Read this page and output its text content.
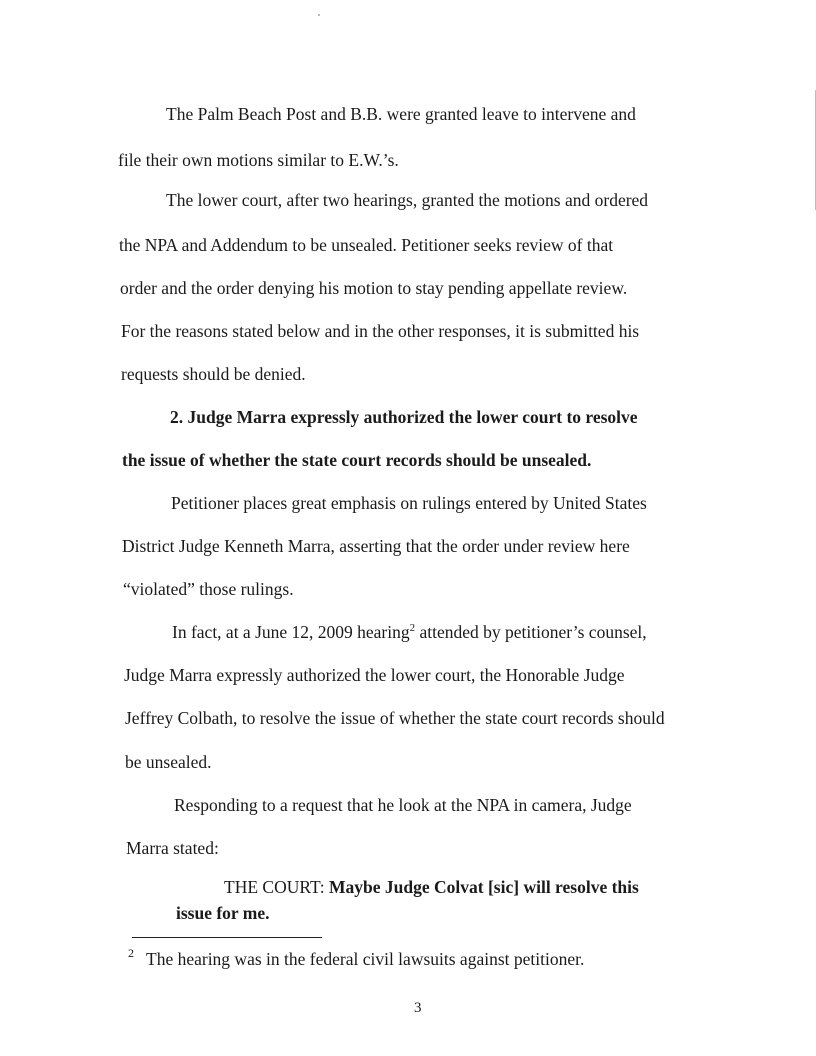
The Palm Beach Post and B.B. were granted leave to intervene and
file their own motions similar to E.W.’s.
The lower court, after two hearings, granted the motions and ordered
the NPA and Addendum to be unsealed. Petitioner seeks review of that
order and the order denying his motion to stay pending appellate review.
For the reasons stated below and in the other responses, it is submitted his
requests should be denied.
2. Judge Marra expressly authorized the lower court to resolve
the issue of whether the state court records should be unsealed.
Petitioner places great emphasis on rulings entered by United States
District Judge Kenneth Marra, asserting that the order under review here
“violated” those rulings.
In fact, at a June 12, 2009 hearing$^2$ attended by petitioner’s counsel,
Judge Marra expressly authorized the lower court, the Honorable Judge
Jeffrey Colbath, to resolve the issue of whether the state court records should
be unsealed.
Responding to a request that he look at the NPA in camera, Judge
Marra stated:
THE COURT: Maybe Judge Colvat [sic] will resolve this
issue for me.
2 The hearing was in the federal civil lawsuits against petitioner.
3
